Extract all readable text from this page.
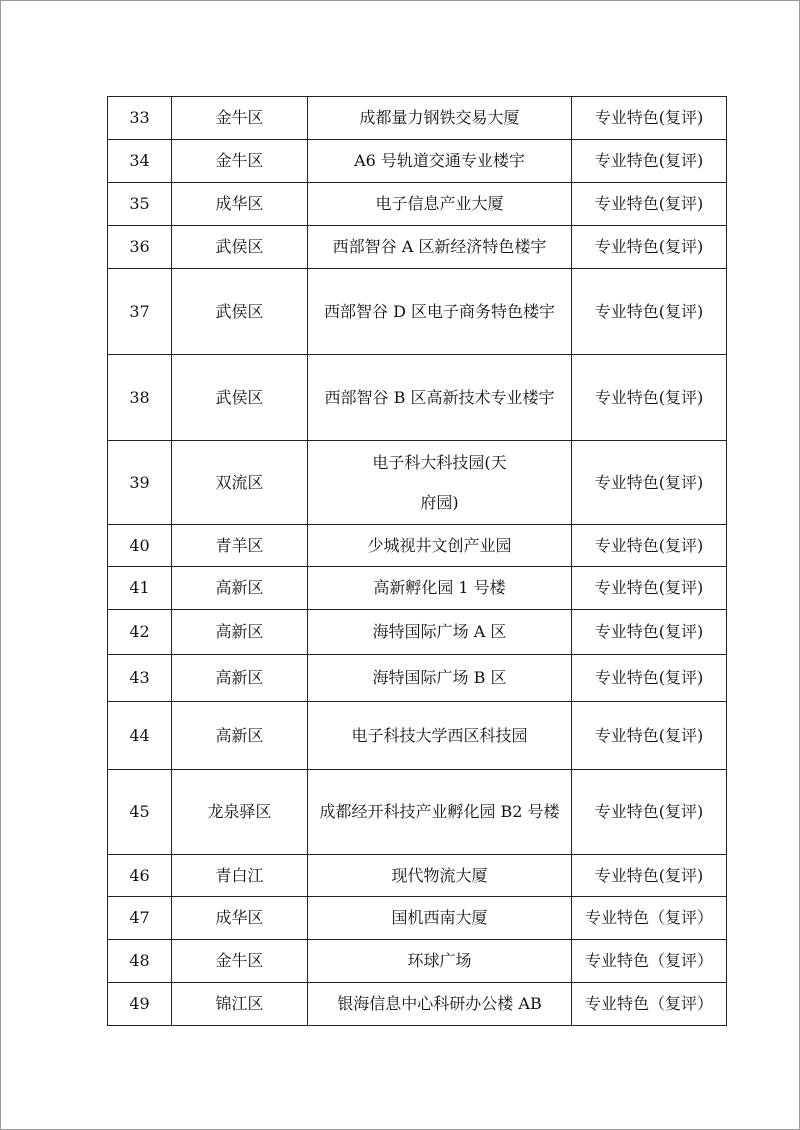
33	金牛区	成都量力钢铁交易大厦	专业特色(复评)
34	金牛区	A6 号轨道交通专业楼宇	专业特色(复评)
35	成华区	电子信息产业大厦	专业特色(复评)
36	武侯区	西部智谷 A 区新经济特色楼宇	专业特色(复评)
37	武侯区	西部智谷 D 区电子商务特色楼宇	专业特色(复评)
38	武侯区	西部智谷 B 区高新技术专业楼宇	专业特色(复评)
39	双流区	电子科大科技园(天府园)	专业特色(复评)
40	青羊区	少城视井文创产业园	专业特色(复评)
41	高新区	高新孵化园 1 号楼	专业特色(复评)
42	高新区	海特国际广场 A 区	专业特色(复评)
43	高新区	海特国际广场 B 区	专业特色(复评)
44	高新区	电子科技大学西区科技园	专业特色(复评)
45	龙泉驿区	成都经开科技产业孵化园 B2 号楼	专业特色(复评)
46	青白江	现代物流大厦	专业特色(复评)
47	成华区	国机西南大厦	专业特色（复评）
48	金牛区	环球广场	专业特色（复评）
49	锦江区	银海信息中心科研办公楼 AB	专业特色（复评）
